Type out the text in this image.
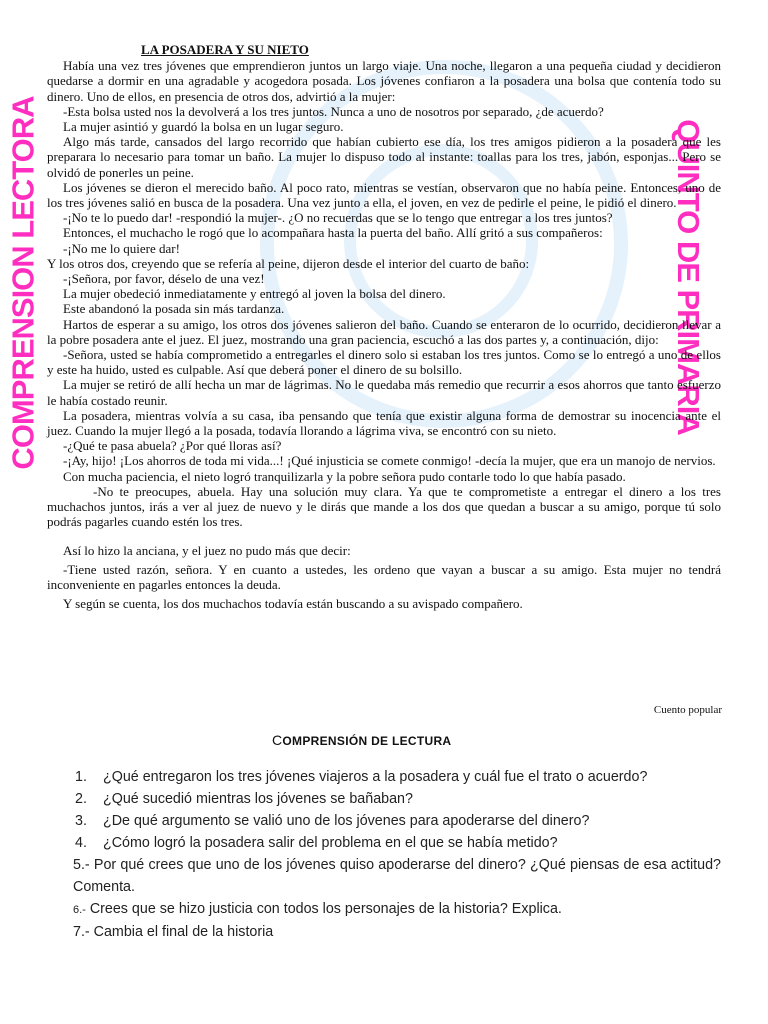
COMPRENSION LECTORA	QUINTO DE PRIMARIA
LA POSADERA Y SU NIETO

Había una vez tres jóvenes que emprendieron juntos un largo viaje. Una noche, llegaron a una pequeña ciudad y decidieron quedarse a dormir en una agradable y acogedora posada. Los jóvenes confiaron a la posadera una bolsa que contenía todo su dinero. Uno de ellos, en presencia de otros dos, advirtió a la mujer:

-Esta bolsa usted nos la devolverá a los tres juntos. Nunca a uno de nosotros por separado, ¿de acuerdo?

La mujer asintió y guardó la bolsa en un lugar seguro.

Algo más tarde, cansados del largo recorrido que habían cubierto ese día, los tres amigos pidieron a la posadera que les preparara lo necesario para tomar un baño. La mujer lo dispuso todo al instante: toallas para los tres, jabón, esponjas... Pero se olvidó de ponerles un peine.

Los jóvenes se dieron el merecido baño. Al poco rato, mientras se vestían, observaron que no había peine. Entonces, uno de los tres jóvenes salió en busca de la posadera. Una vez junto a ella, el joven, en vez de pedirle el peine, le pidió el dinero.

-¡No te lo puedo dar! -respondió la mujer-. ¿O no recuerdas que se lo tengo que entregar a los tres juntos?

Entonces, el muchacho le rogó que lo acompañara hasta la puerta del baño. Allí gritó a sus compañeros:

-¡No me lo quiere dar!

Y los otros dos, creyendo que se refería al peine, dijeron desde el interior del cuarto de baño:

-¡Señora, por favor, déselo de una vez!

La mujer obedeció inmediatamente y entregó al joven la bolsa del dinero.

Este abandonó la posada sin más tardanza.

Hartos de esperar a su amigo, los otros dos jóvenes salieron del baño. Cuando se enteraron de lo ocurrido, decidieron llevar a la pobre posadera ante el juez. El juez, mostrando una gran paciencia, escuchó a las dos partes y, a continuación, dijo:

-Señora, usted se había comprometido a entregarles el dinero solo si estaban los tres juntos. Como se lo entregó a uno de ellos y este ha huido, usted es culpable. Así que deberá poner el dinero de su bolsillo.

La mujer se retiró de allí hecha un mar de lágrimas. No le quedaba más remedio que recurrir a esos ahorros que tanto esfuerzo le había costado reunir.

La posadera, mientras volvía a su casa, iba pensando que tenía que existir alguna forma de demostrar su inocencia ante el juez. Cuando la mujer llegó a la posada, todavía llorando a lágrima viva, se encontró con su nieto.

-¿Qué te pasa abuela? ¿Por qué lloras así?

-¡Ay, hijo! ¡Los ahorros de toda mi vida...! ¡Qué injusticia se comete conmigo! -decía la mujer, que era un manojo de nervios.

Con mucha paciencia, el nieto logró tranquilizarla y la pobre señora pudo contarle todo lo que había pasado.

-No te preocupes, abuela. Hay una solución muy clara. Ya que te comprometiste a entregar el dinero a los tres muchachos juntos, irás a ver al juez de nuevo y le dirás que mande a los dos que quedan a buscar a su amigo, porque tú solo podrás pagarles cuando estén los tres.

Así lo hizo la anciana, y el juez no pudo más que decir:

-Tiene usted razón, señora. Y en cuanto a ustedes, les ordeno que vayan a buscar a su amigo. Esta mujer no tendrá inconveniente en pagarles entonces la deuda.

Y según se cuenta, los dos muchachos todavía están buscando a su avispado compañero.

Cuento popular
COMPRENSIÓN DE LECTURA
1.	¿Qué entregaron los tres jóvenes viajeros a la posadera y cuál fue el trato o acuerdo?
2.	¿Qué sucedió mientras los jóvenes se bañaban?
3.	¿De qué argumento se valió uno de los jóvenes para apoderarse del dinero?
4.	¿Cómo logró la posadera salir del problema en el que se había metido?
5.- Por qué crees que uno de los jóvenes quiso apoderarse del dinero? ¿Qué piensas de esa actitud? Comenta.
6.- Crees que se hizo justicia con todos los personajes de la historia? Explica.
7.- Cambia el final de la historia
